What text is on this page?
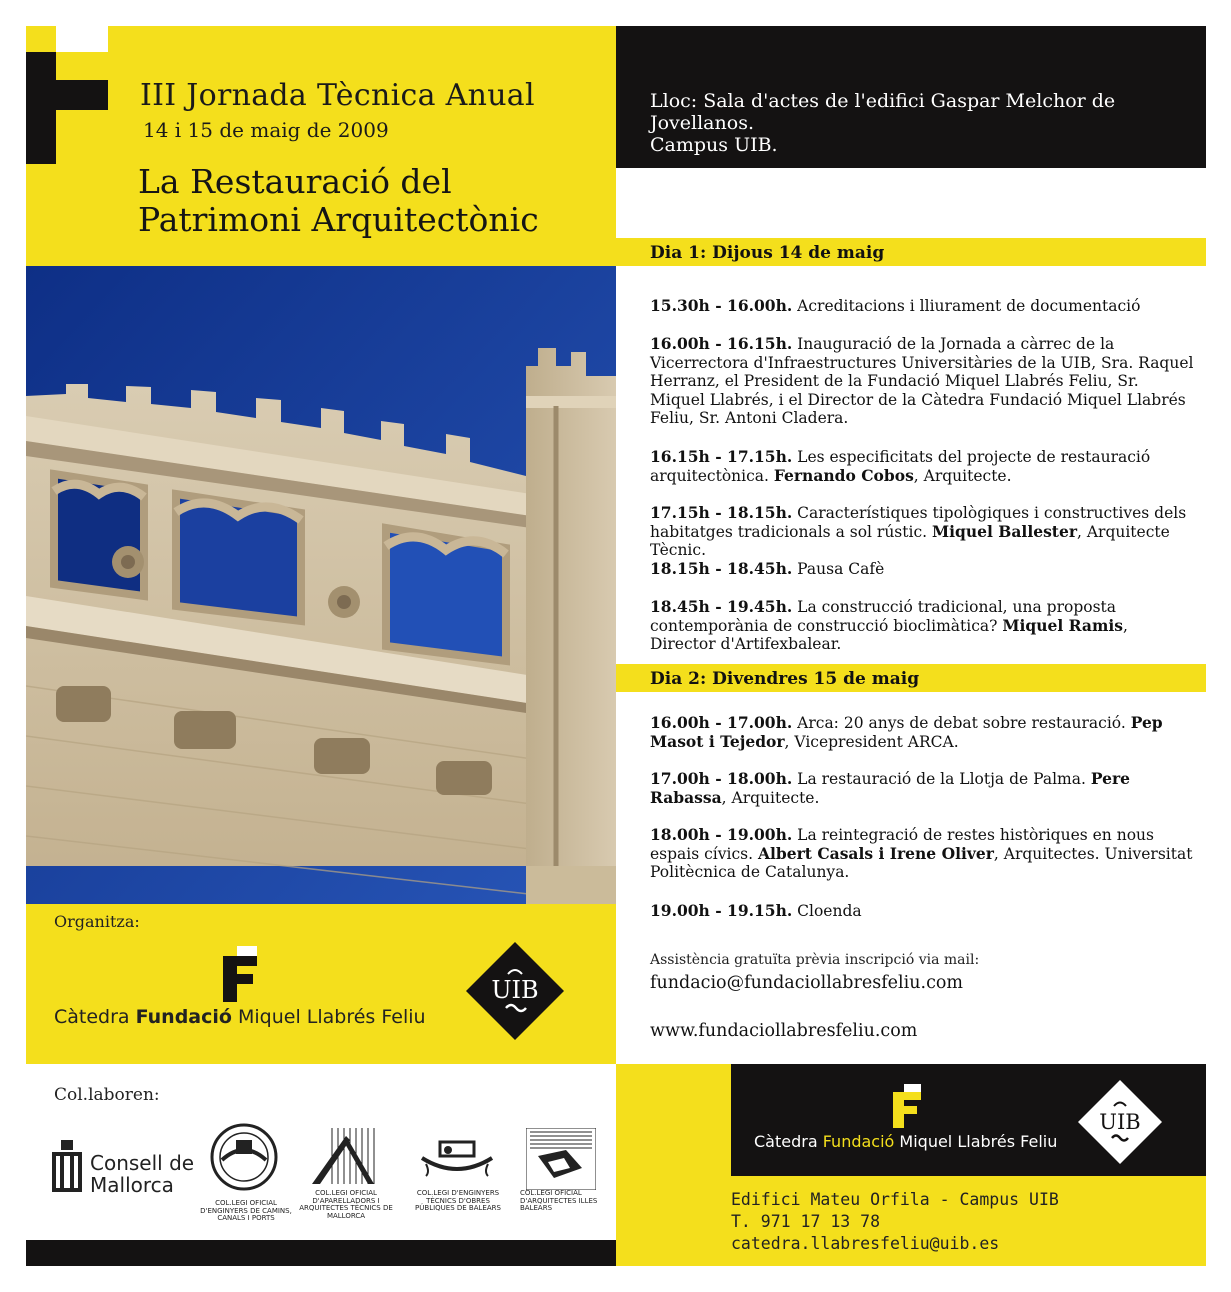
III Jornada Tècnica Anual
14 i 15 de maig de 2009
La Restauració del
Patrimoni Arquitectònic
Organitza:
Càtedra Fundació Miquel Llabrés Feliu
UIB
Col.laboren:
Consell de
Mallorca
COL.LEGI OFICIAL D'ENGINYERS DE CAMINS, CANALS I PORTS
COL.LEGI OFICIAL D'APARELLADORS I ARQUITECTES TÈCNICS DE MALLORCA
COL.LEGI D'ENGINYERS TÈCNICS D'OBRES PÚBLIQUES DE BALEARS
COL.LEGI OFICIAL D'ARQUITECTES ILLES BALEARS
Lloc: Sala d'actes de l'edifici Gaspar Melchor de Jovellanos.
Campus UIB.
Dia 1: Dijous 14 de maig

15.30h - 16.00h. Acreditacions i lliurament de documentació

16.00h - 16.15h. Inauguració de la Jornada a càrrec de la Vicerrectora d'Infraestructures Universitàries de la UIB, Sra. Raquel Herranz, el President de la Fundació Miquel Llabrés Feliu, Sr. Miquel Llabrés, i el Director de la Càtedra Fundació Miquel Llabrés Feliu, Sr. Antoni Cladera.

16.15h - 17.15h. Les especificitats del projecte de restauració arquitectònica. Fernando Cobos, Arquitecte.

17.15h - 18.15h. Característiques tipològiques i constructives dels habitatges tradicionals a sol rústic. Miquel Ballester, Arquitecte Tècnic.

18.15h - 18.45h. Pausa Cafè

18.45h - 19.45h. La construcció tradicional, una proposta contemporània de construcció bioclimàtica? Miquel Ramis, Director d'Artifexbalear.

Dia 2: Divendres 15 de maig

16.00h - 17.00h. Arca: 20 anys de debat sobre restauració. Pep Masot i Tejedor, Vicepresident ARCA.

17.00h - 18.00h. La restauració de la Llotja de Palma. Pere Rabassa, Arquitecte.

18.00h - 19.00h. La reintegració de restes històriques en nous espais cívics. Albert Casals i Irene Oliver, Arquitectes. Universitat Politècnica de Catalunya.

19.00h - 19.15h. Cloenda

Assistència gratuïta prèvia inscripció via mail:
fundacio@fundaciollabresfeliu.com
www.fundaciollabresfeliu.com
Càtedra Fundació Miquel Llabrés Feliu
UIB
Edifici Mateu Orfila - Campus UIB
T. 971 17 13 78
catedra.llabresfeliu@uib.es
